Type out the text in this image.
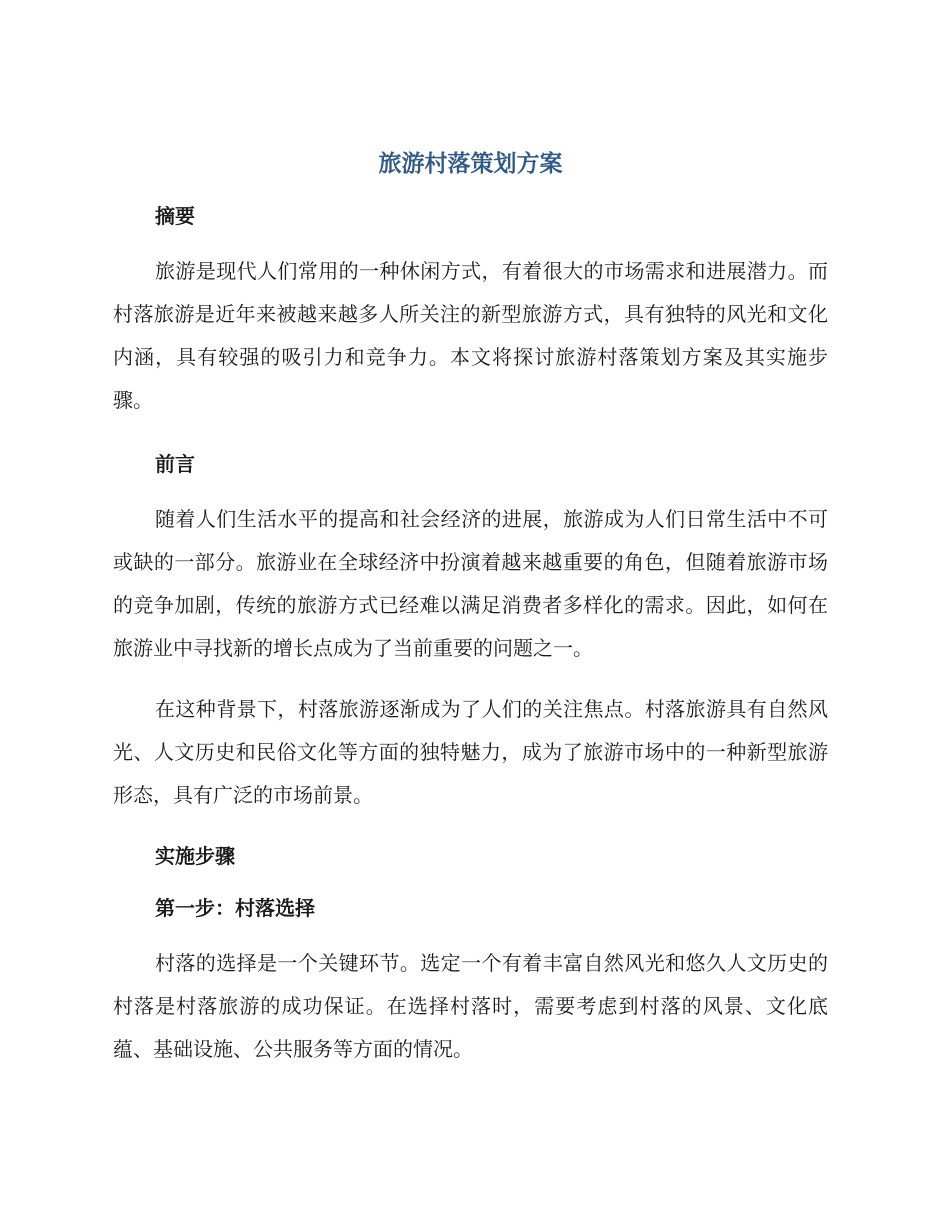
旅游村落策划方案
摘要

旅游是现代人们常用的一种休闲方式，有着很大的市场需求和进展潜力。而村落旅游是近年来被越来越多人所关注的新型旅游方式，具有独特的风光和文化内涵，具有较强的吸引力和竞争力。本文将探讨旅游村落策划方案及其实施步骤。

前言

随着人们生活水平的提高和社会经济的进展，旅游成为人们日常生活中不可或缺的一部分。旅游业在全球经济中扮演着越来越重要的角色，但随着旅游市场的竞争加剧，传统的旅游方式已经难以满足消费者多样化的需求。因此，如何在旅游业中寻找新的增长点成为了当前重要的问题之一。

在这种背景下，村落旅游逐渐成为了人们的关注焦点。村落旅游具有自然风光、人文历史和民俗文化等方面的独特魅力，成为了旅游市场中的一种新型旅游形态，具有广泛的市场前景。

实施步骤
第一步：村落选择

村落的选择是一个关键环节。选定一个有着丰富自然风光和悠久人文历史的村落是村落旅游的成功保证。在选择村落时，需要考虑到村落的风景、文化底蕴、基础设施、公共服务等方面的情况。
